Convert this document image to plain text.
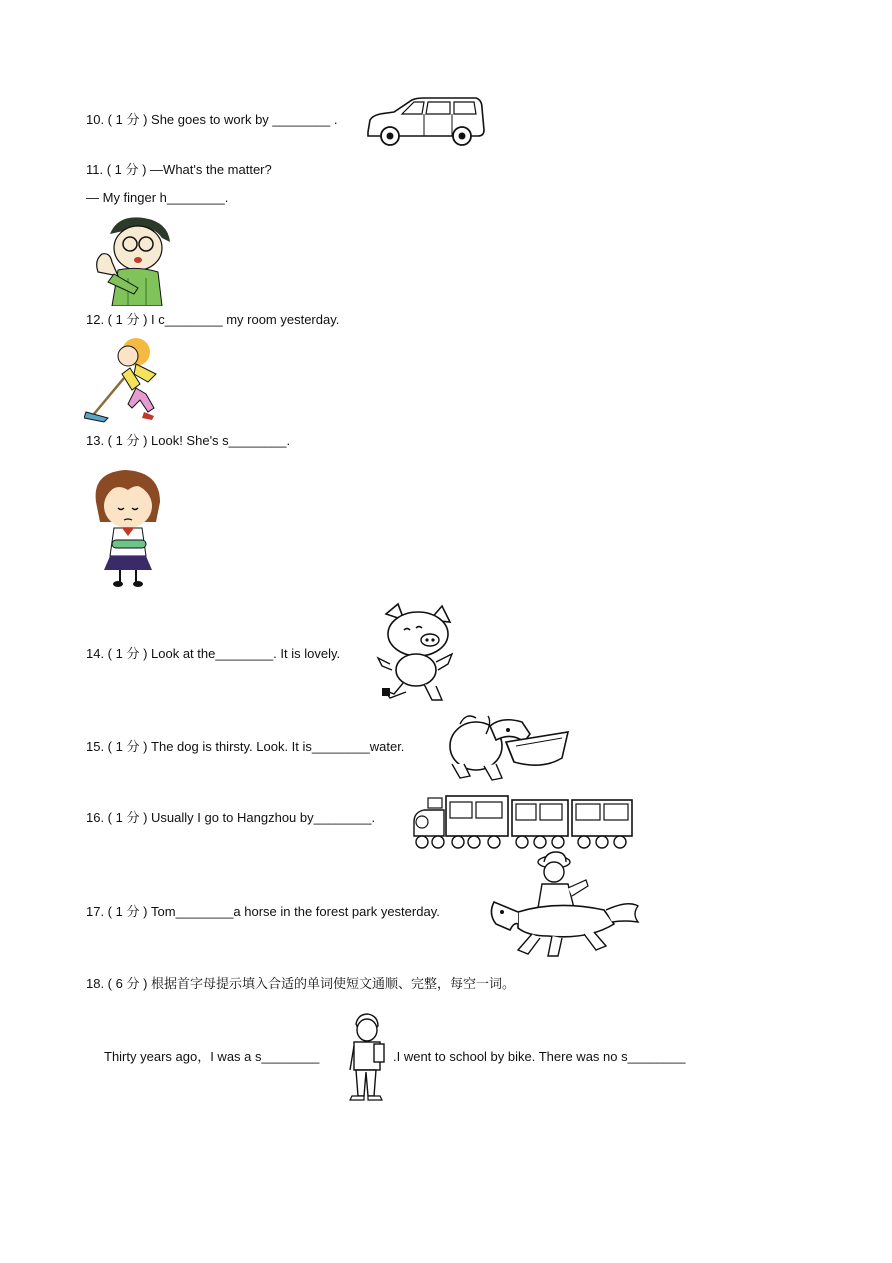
10. ( 1 分 ) She goes to work by ________ .
11. ( 1 分 ) —What's the matter?
— My finger h________.
12. ( 1 分 ) I c________ my room yesterday.
13. ( 1 分 ) Look! She's s________.
14. ( 1 分 ) Look at the________. It is lovely.
15. ( 1 分 ) The dog is thirsty. Look. It is________water.
16. ( 1 分 ) Usually I go to Hangzhou by________.
17. ( 1 分 ) Tom________a horse in the forest park yesterday.
18. ( 6 分 ) 根据首字母提示填入合适的单词使短文通顺、完整，每空一词。
Thirty years ago，I was a s________	.I went to school by bike. There was no s________
